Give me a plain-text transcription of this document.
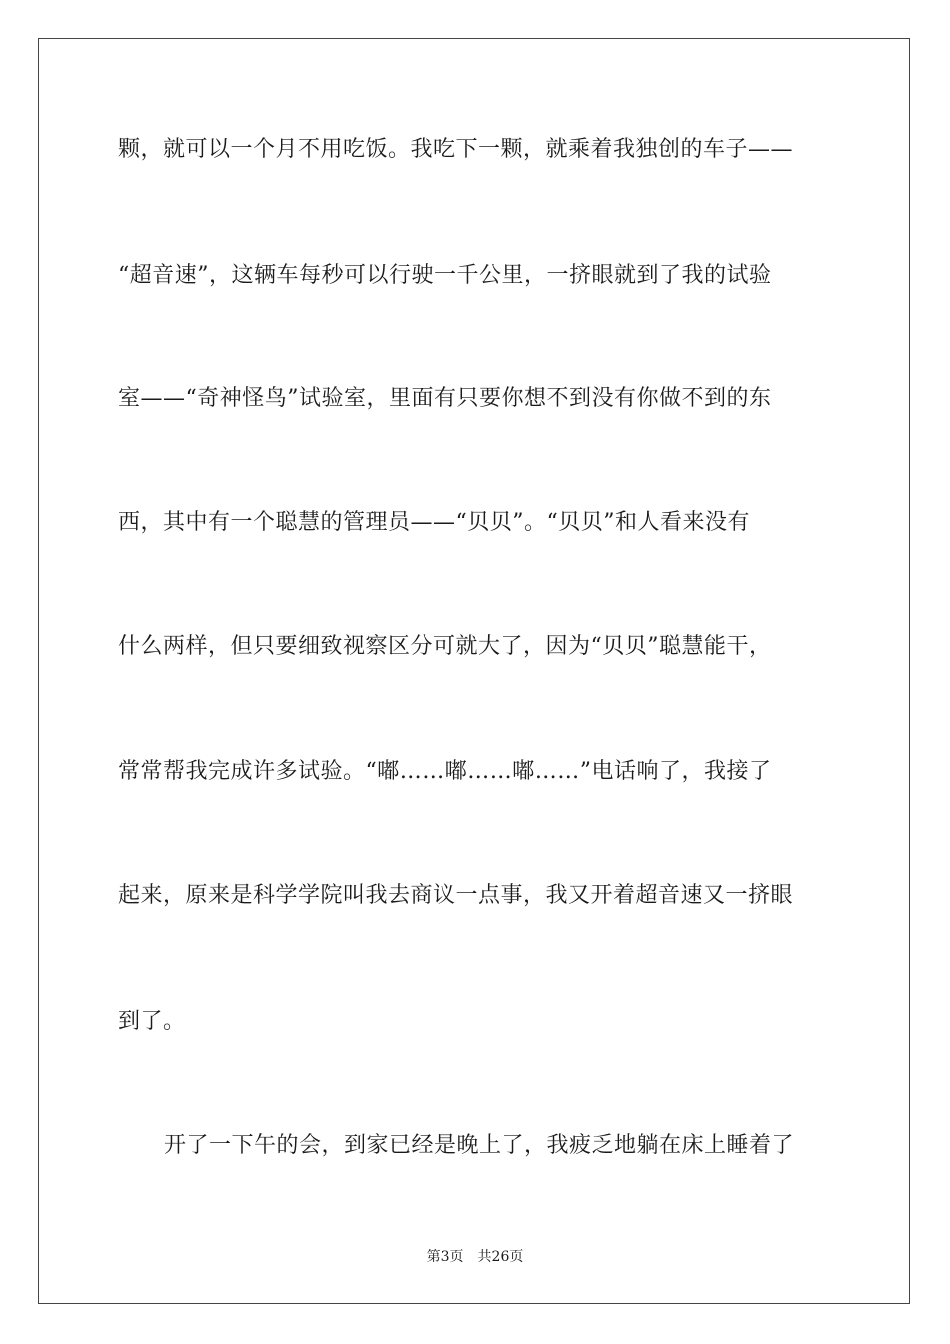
颗，就可以一个月不用吃饭。我吃下一颗，就乘着我独创的车子——
“超音速”，这辆车每秒可以行驶一千公里，一挤眼就到了我的试验
室——“奇神怪鸟”试验室，里面有只要你想不到没有你做不到的东
西，其中有一个聪慧的管理员——“贝贝”。“贝贝”和人看来没有
什么两样，但只要细致视察区分可就大了，因为“贝贝”聪慧能干，
常常帮我完成许多试验。“嘟……嘟……嘟……”电话响了，我接了
起来，原来是科学学院叫我去商议一点事，我又开着超音速又一挤眼
到了。
开了一下午的会，到家已经是晚上了，我疲乏地躺在床上睡着了
第3页 共26页
